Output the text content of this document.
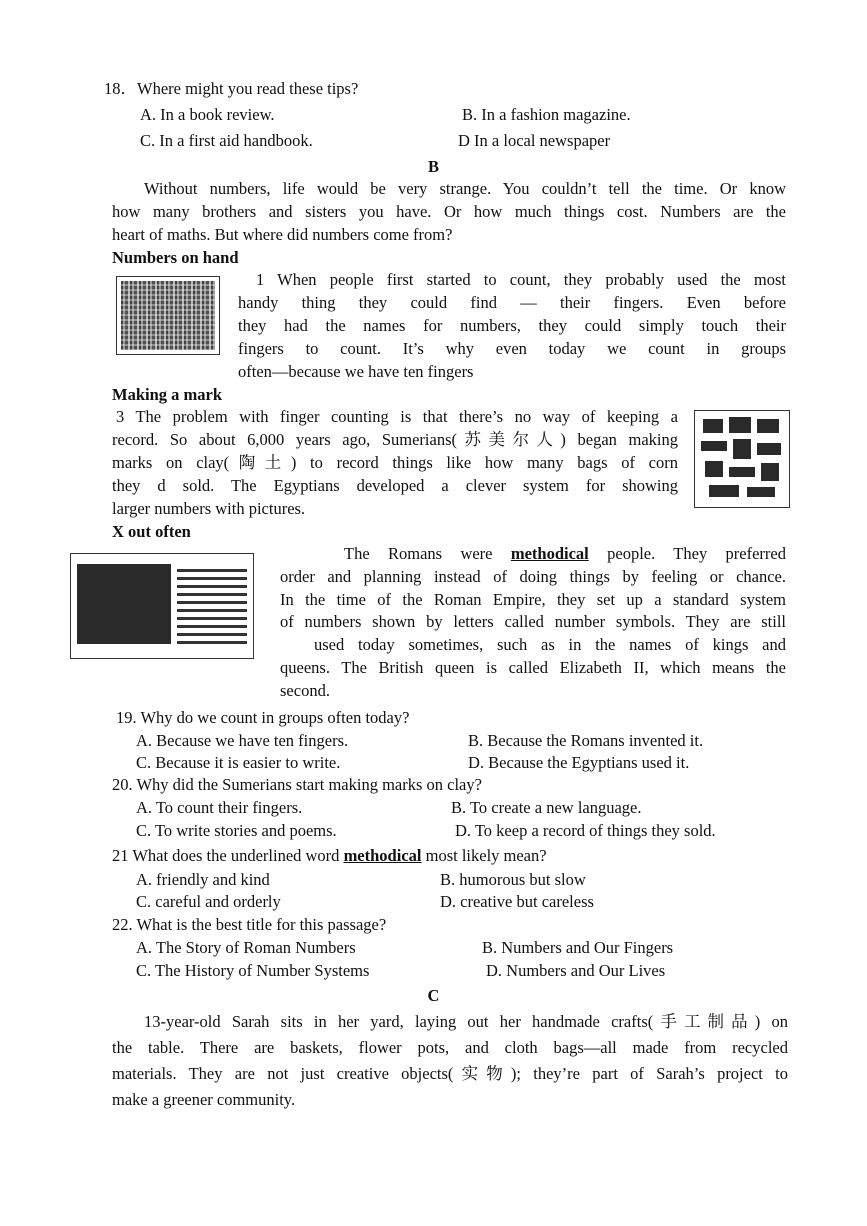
18．Where might you read these tips?
A. In a book review.	B. In a fashion magazine.
C. In a first aid handbook.	D In a local newspaper
B
Without numbers, life would be very strange. You couldn’t tell the time. Or know
how many brothers and sisters you have. Or how much things cost. Numbers are the
heart of maths. But where did numbers come from?
Numbers on hand
1 When people first started to count, they probably used the most
handy thing they could find — their fingers. Even before
they had the names for numbers, they could simply touch their
fingers to count. It’s why even today we count in groups
often—because we have ten fingers
Making a mark
3 The problem with finger counting is that there’s no way of keeping a
record. So about 6,000 years ago, Sumerians(苏美尔人) began making
marks on clay(陶土) to record things like how many bags of corn
they d sold. The Egyptians developed a clever system for showing
larger numbers with pictures.
X out often
The Romans were methodical people. They preferred
order and planning instead of doing things by feeling or chance.
In the time of the Roman Empire, they set up a standard system
of numbers shown by letters called number symbols. They are still
used today sometimes, such as in the names of kings and
queens. The British queen is called Elizabeth II, which means the
second.
19. Why do we count in groups often today?
A. Because we have ten fingers.	B. Because the Romans invented it.
C. Because it is easier to write.	D. Because the Egyptians used it.
20. Why did the Sumerians start making marks on clay?
A. To count their fingers.	B. To create a new language.
C. To write stories and poems.	D. To keep a record of things they sold.
21 What does the underlined word methodical most likely mean?
A. friendly and kind	B. humorous but slow
C. careful and orderly	D. creative but careless
22. What is the best title for this passage?
A. The Story of Roman Numbers	B. Numbers and Our Fingers
C. The History of Number Systems	D. Numbers and Our Lives
C
13-year-old Sarah sits in her yard, laying out her handmade crafts(手工制品) on
the table. There are baskets, flower pots, and cloth bags—all made from recycled
materials. They are not just creative objects(实物); they’re part of Sarah’s project to
make a greener community.
